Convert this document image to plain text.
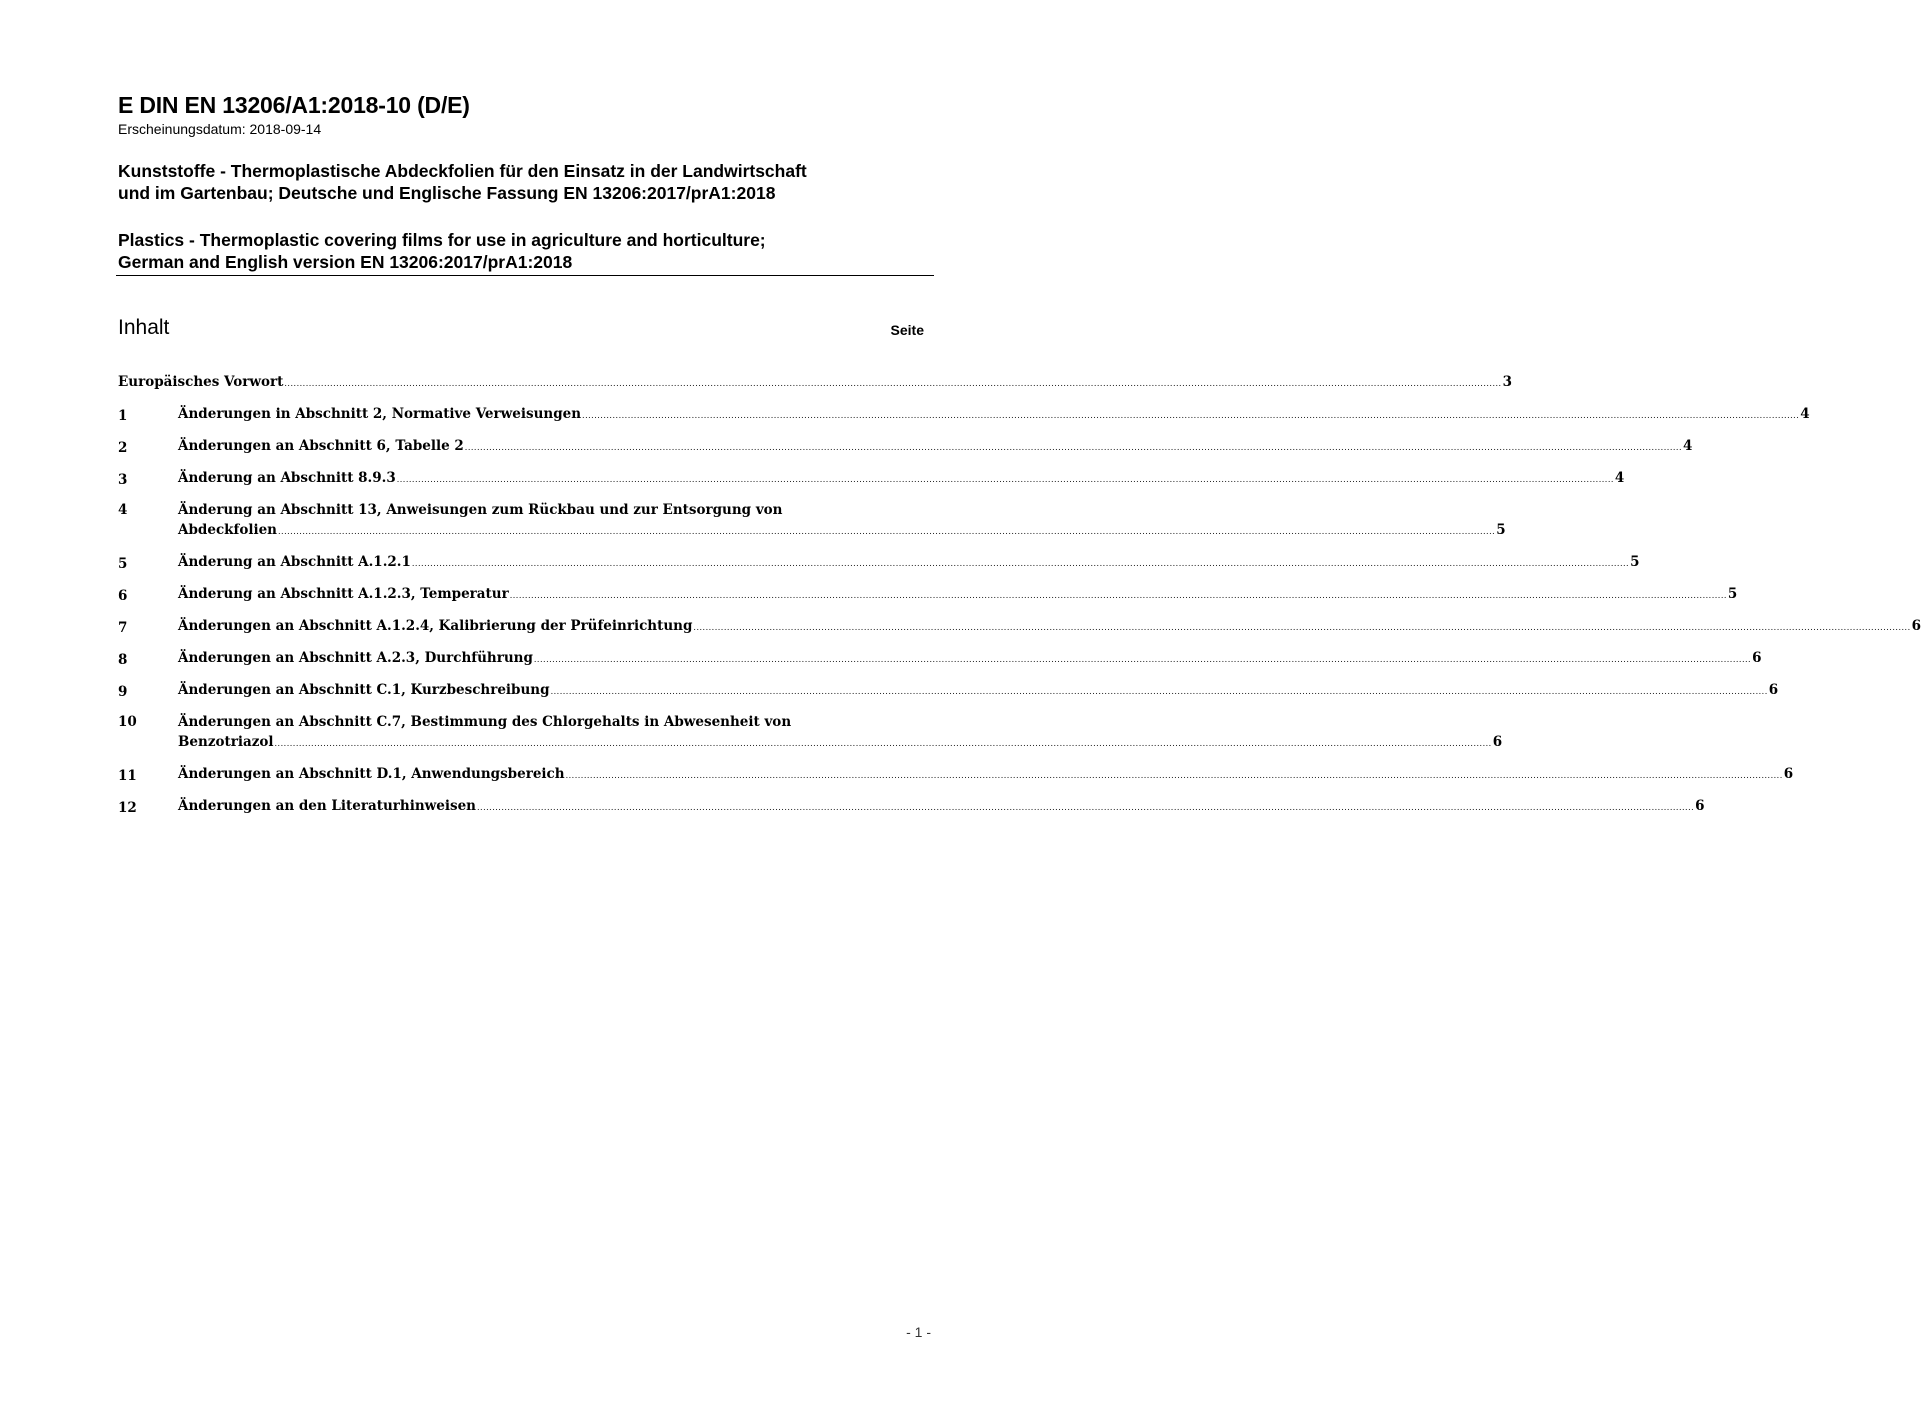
E DIN EN 13206/A1:2018-10 (D/E)
Erscheinungsdatum: 2018-09-14
Kunststoffe - Thermoplastische Abdeckfolien für den Einsatz in der Landwirtschaft
und im Gartenbau; Deutsche und Englische Fassung EN 13206:2017/prA1:2018
Plastics - Thermoplastic covering films for use in agriculture and horticulture;
German and English version EN 13206:2017/prA1:2018
Inhalt	Seite
Europäisches Vorwort ................................................................................................................................................................................................................................................................................................................................................................................................................ 3
1	Änderungen in Abschnitt 2, Normative Verweisungen ................................................................................................................................................................................................................................................................................................................................................................................................................ 4
2	Änderungen an Abschnitt 6, Tabelle 2 ................................................................................................................................................................................................................................................................................................................................................................................................................ 4
3	Änderung an Abschnitt 8.9.3 ................................................................................................................................................................................................................................................................................................................................................................................................................ 4
4	Änderung an Abschnitt 13, Anweisungen zum Rückbau und zur Entsorgung von
Abdeckfolien ................................................................................................................................................................................................................................................................................................................................................................................................................ 5
5	Änderung an Abschnitt A.1.2.1 ................................................................................................................................................................................................................................................................................................................................................................................................................ 5
6	Änderung an Abschnitt A.1.2.3, Temperatur ................................................................................................................................................................................................................................................................................................................................................................................................................ 5
7	Änderungen an Abschnitt A.1.2.4, Kalibrierung der Prüfeinrichtung ................................................................................................................................................................................................................................................................................................................................................................................................................ 6
8	Änderungen an Abschnitt A.2.3, Durchführung ................................................................................................................................................................................................................................................................................................................................................................................................................ 6
9	Änderungen an Abschnitt C.1, Kurzbeschreibung ................................................................................................................................................................................................................................................................................................................................................................................................................ 6
10	Änderungen an Abschnitt C.7, Bestimmung des Chlorgehalts in Abwesenheit von
Benzotriazol ................................................................................................................................................................................................................................................................................................................................................................................................................ 6
11	Änderungen an Abschnitt D.1, Anwendungsbereich ................................................................................................................................................................................................................................................................................................................................................................................................................ 6
12	Änderungen an den Literaturhinweisen ................................................................................................................................................................................................................................................................................................................................................................................................................ 6
- 1 -
